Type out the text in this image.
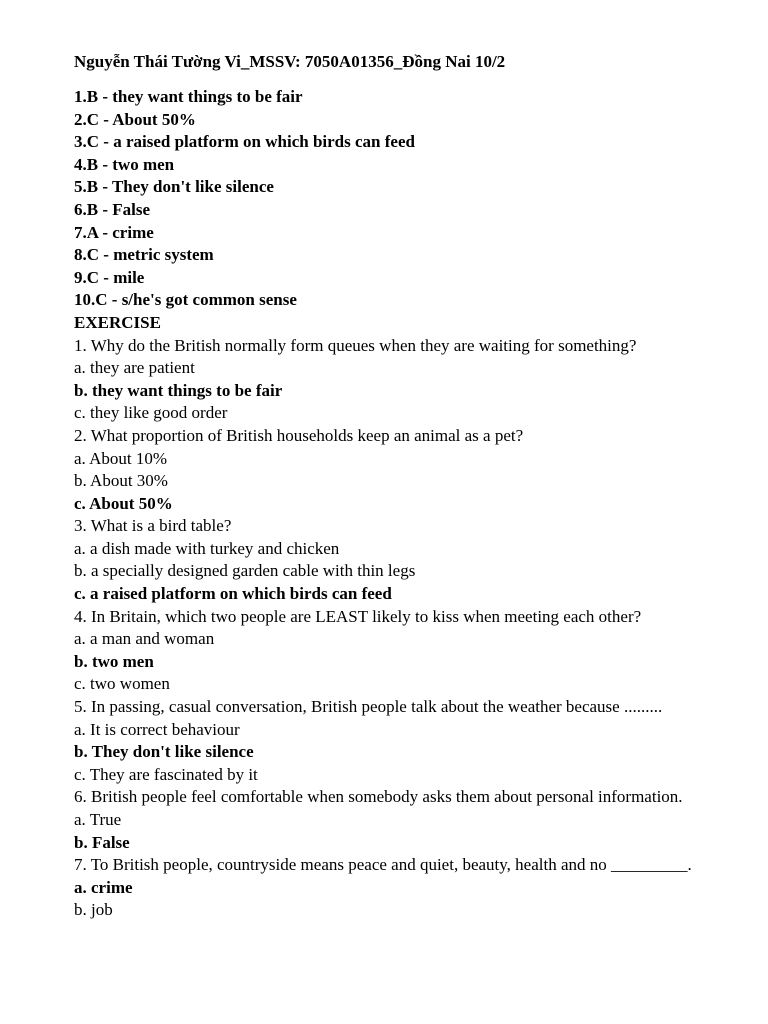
Nguyễn Thái Tường Vi_MSSV: 7050A01356_Đồng Nai 10/2
1.B - they want things to be fair
2.C - About 50%
3.C - a raised platform on which birds can feed
4.B - two men
5.B - They don't like silence
6.B - False
7.A - crime
8.C - metric system
9.C - mile
10.C - s/he's got common sense
EXERCISE
1. Why do the British normally form queues when they are waiting for something?
a. they are patient
b. they want things to be fair
c. they like good order
2. What proportion of British households keep an animal as a pet?
a. About 10%
b. About 30%
c. About 50%
3. What is a bird table?
a. a dish made with turkey and chicken
b. a specially designed garden cable with thin legs
c. a raised platform on which birds can feed
4. In Britain, which two people are LEAST likely to kiss when meeting each other?
a. a man and woman
b. two men
c. two women
5. In passing, casual conversation, British people talk about the weather because .........
a. It is correct behaviour
b. They don't like silence
c. They are fascinated by it
6. British people feel comfortable when somebody asks them about personal information.
a. True
b. False
7. To British people, countryside means peace and quiet, beauty, health and no _________.
a. crime
b. job
